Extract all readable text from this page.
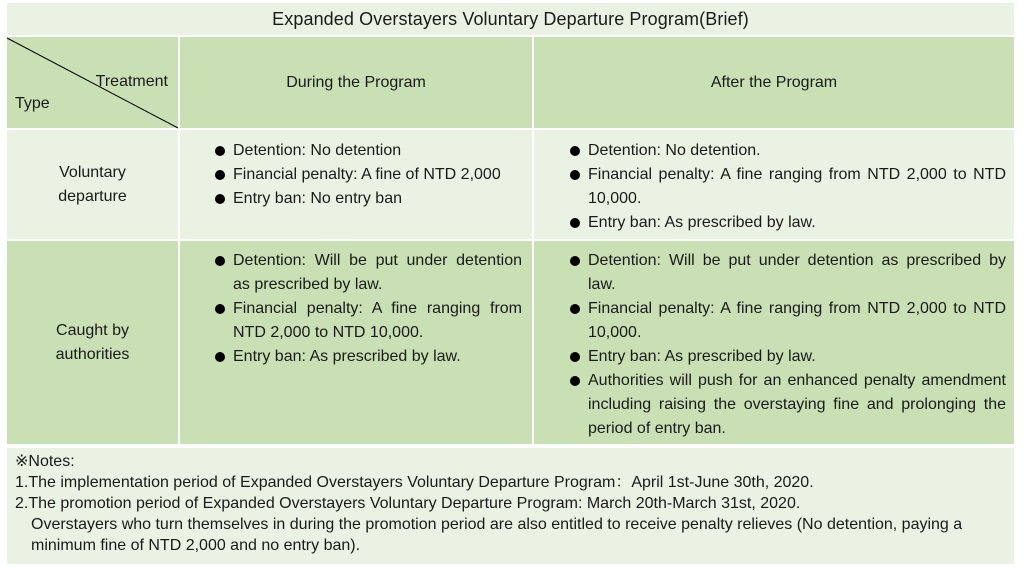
Expanded Overstayers Voluntary Departure Program(Brief)
Treatment
Type
During the Program	After the Program
Voluntary departure
Detention: No detention
Financial penalty: A fine of NTD 2,000
Entry ban: No entry ban
Detention: No detention.
Financial penalty: A fine ranging from NTD 2,000 to NTD 10,000.
Entry ban: As prescribed by law.
Caught by authorities
Detention: Will be put under detention as prescribed by law.
Financial penalty: A fine ranging from NTD 2,000 to NTD 10,000.
Entry ban: As prescribed by law.
Detention: Will be put under detention as prescribed by law.
Financial penalty: A fine ranging from NTD 2,000 to NTD 10,000.
Entry ban: As prescribed by law.
Authorities will push for an enhanced penalty amendment including raising the overstaying fine and prolonging the period of entry ban.
※Notes:
1.The implementation period of Expanded Overstayers Voluntary Departure Program：April 1st-June 30th, 2020.
2.The promotion period of Expanded Overstayers Voluntary Departure Program: March 20th-March 31st, 2020.
Overstayers who turn themselves in during the promotion period are also entitled to receive penalty relieves (No detention, paying a minimum fine of NTD 2,000 and no entry ban).
